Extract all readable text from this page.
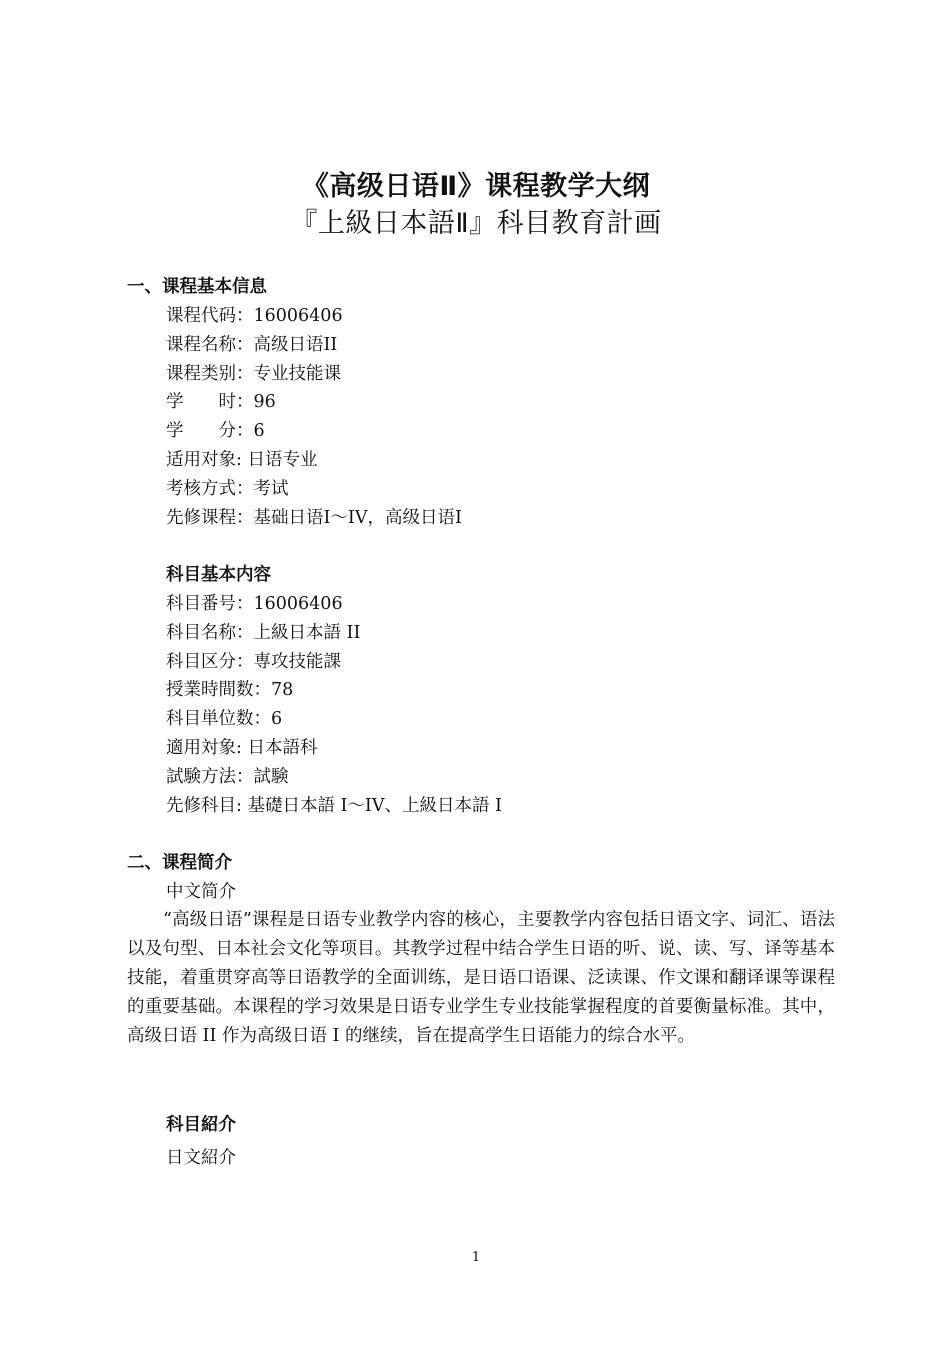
《高级日语Ⅱ》课程教学大纲
『上級日本語Ⅱ』科目教育計画
一、课程基本信息
课程代码：16006406
课程名称：高级日语II
课程类别：专业技能课
学　　时：96
学　　分：6
适用对象: 日语专业
考核方式：考试
先修课程：基础日语I～IV，高级日语I
科目基本内容
科目番号：16006406
科目名称：上級日本語 II
科目区分：専攻技能課
授業時間数：78
科目単位数：6
適用対象: 日本語科
試験方法：試験
先修科目: 基礎日本語 I～IV、上級日本語 I
二、课程简介
中文简介
“高级日语”课程是日语专业教学内容的核心，主要教学内容包括日语文字、词汇、语法以及句型、日本社会文化等项目。其教学过程中结合学生日语的听、说、读、写、译等基本技能，着重贯穿高等日语教学的全面训练，是日语口语课、泛读课、作文课和翻译课等课程的重要基础。本课程的学习效果是日语专业学生专业技能掌握程度的首要衡量标准。其中，高级日语 II 作为高级日语 I 的继续，旨在提高学生日语能力的综合水平。
科目紹介
日文紹介
1
